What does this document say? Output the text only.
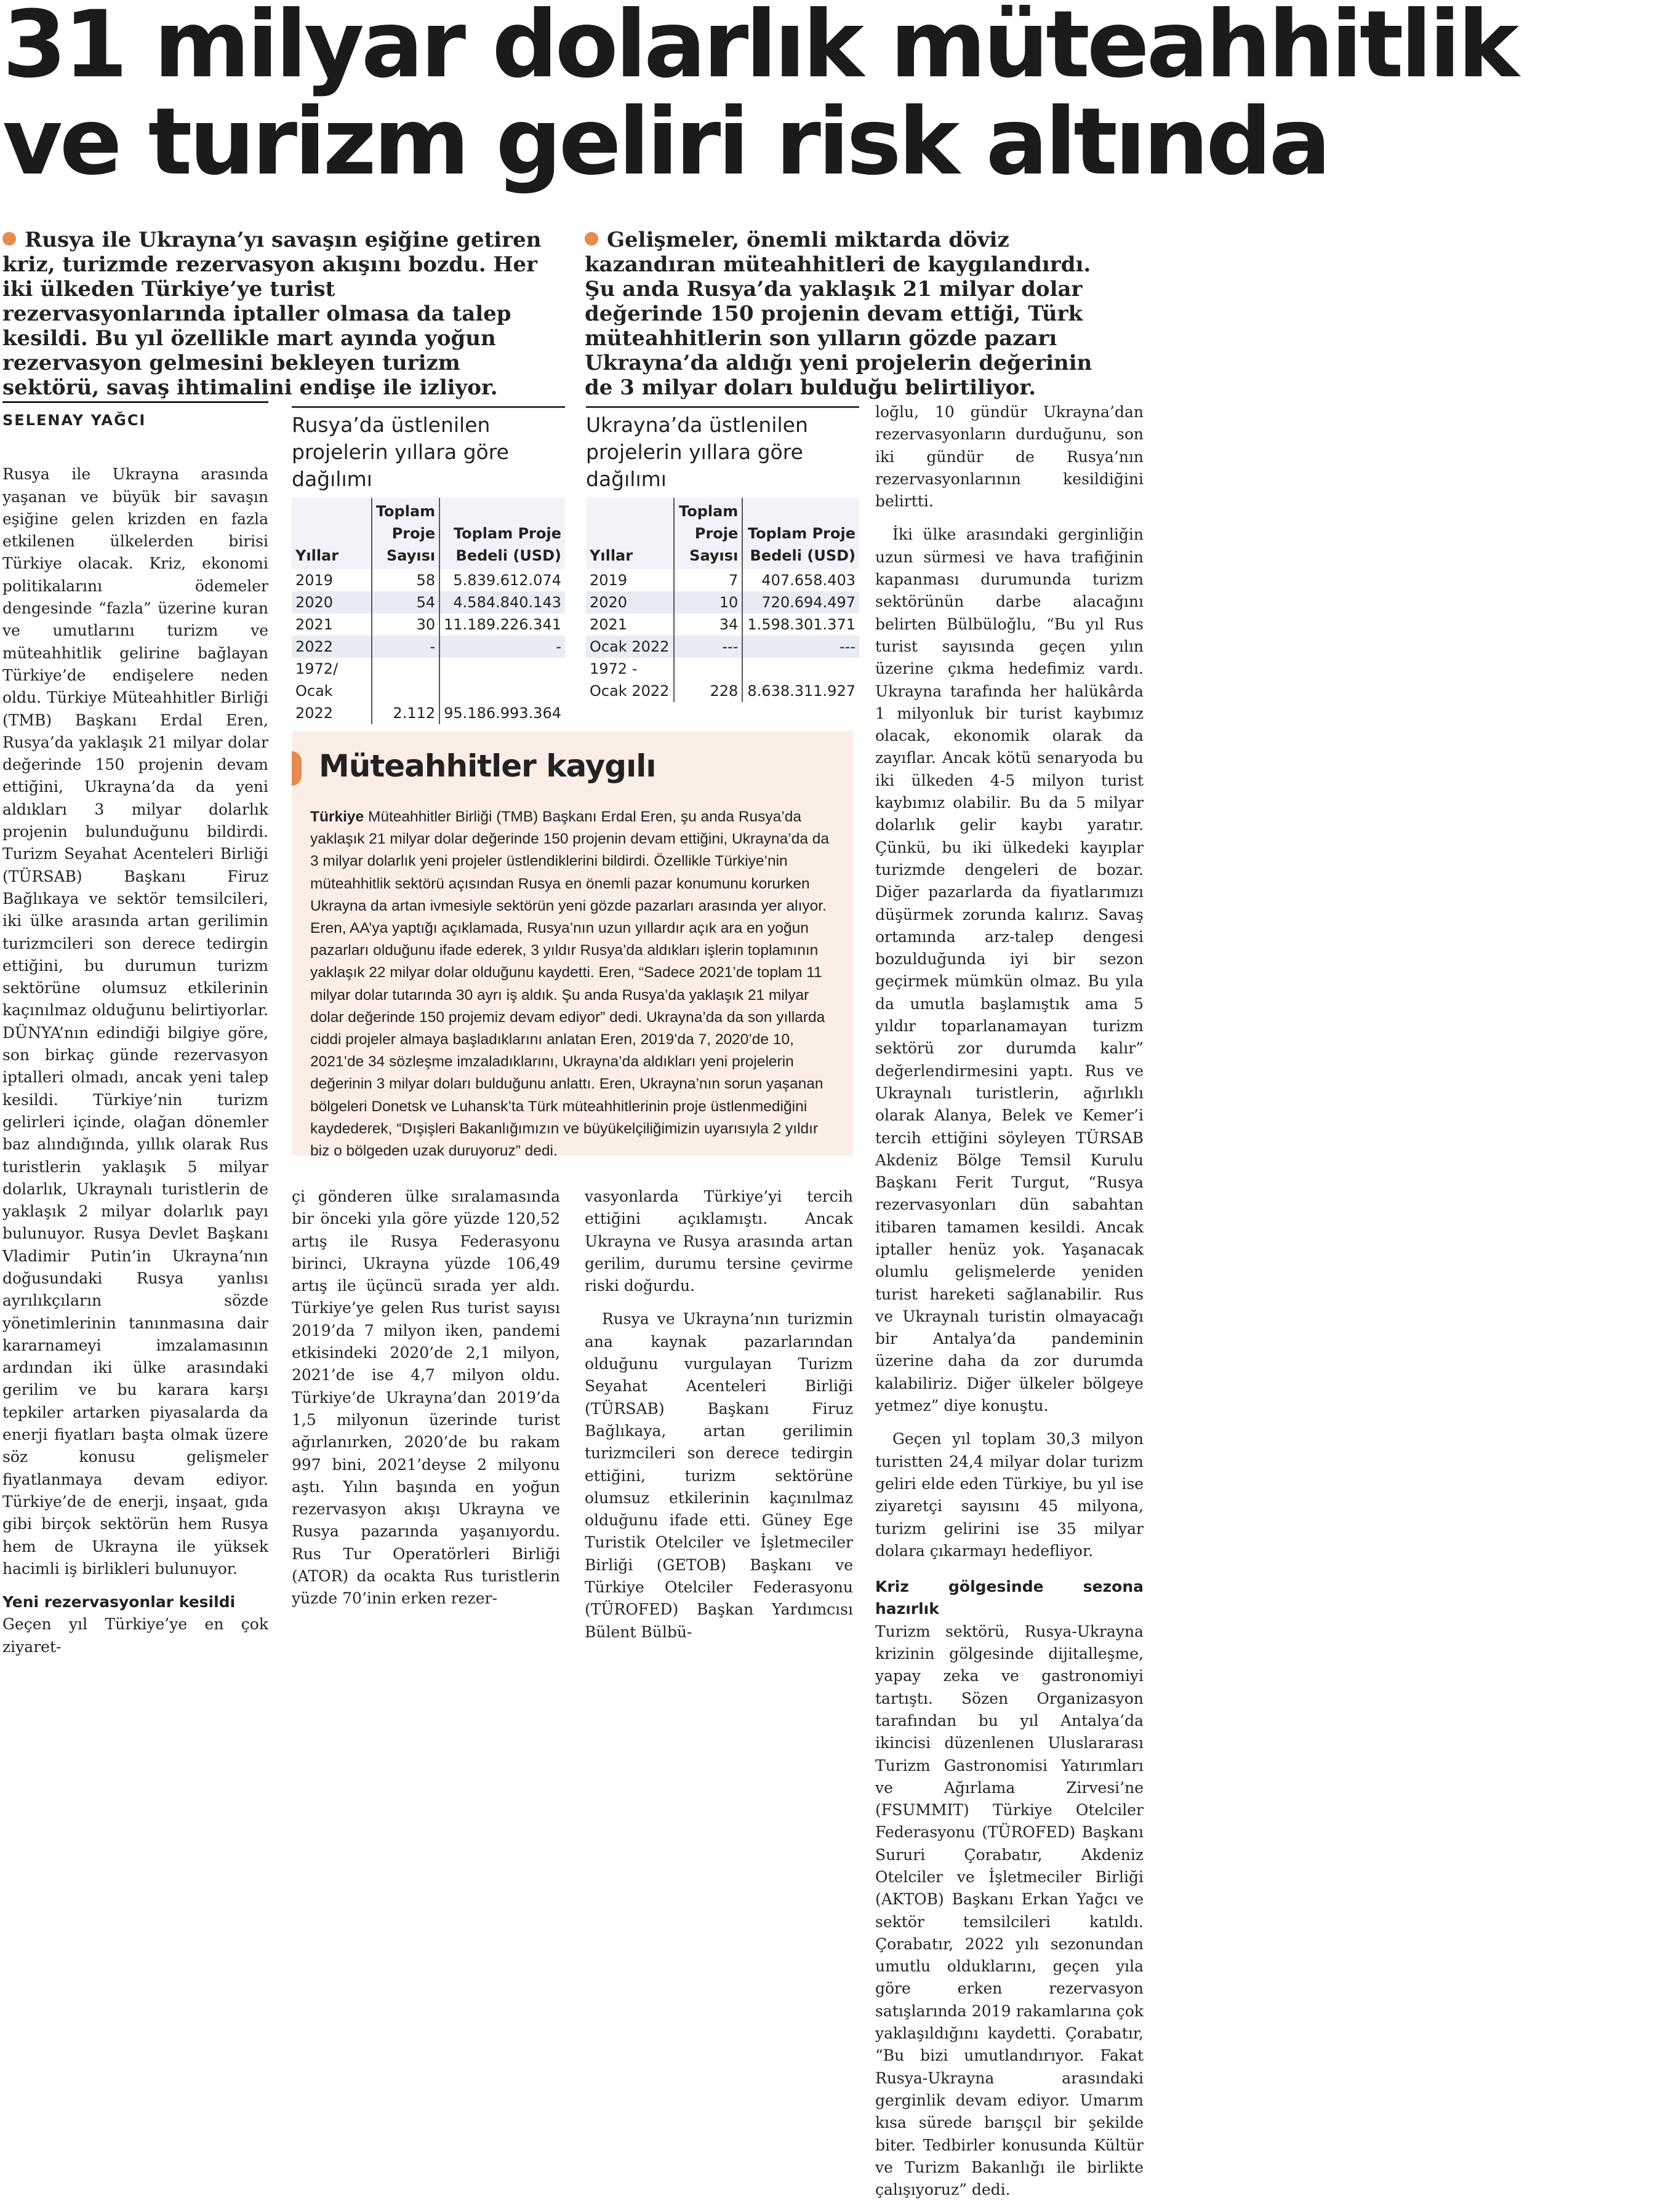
31 milyar dolarlık müteahhitlik ve turizm geliri risk altında
Rusya ile Ukrayna’yı savaşın eşiğine getiren kriz, turizmde rezervasyon akışını bozdu. Her iki ülkeden Türkiye’ye turist rezervasyonlarında iptaller olmasa da talep kesildi. Bu yıl özellikle mart ayında yoğun rezervasyon gelmesini bekleyen turizm sektörü, savaş ihtimalini endişe ile izliyor.
Gelişmeler, önemli miktarda döviz kazandıran müteahhitleri de kaygılandırdı. Şu anda Rusya’da yaklaşık 21 milyar dolar değerinde 150 projenin devam ettiği, Türk müteahhitlerin son yılların gözde pazarı Ukrayna’da aldığı yeni projelerin değerinin de 3 milyar doları bulduğu belirtiliyor.
SELENAY YAĞCI

Rusya ile Ukrayna arasında yaşanan ve büyük bir savaşın eşiğine gelen krizden en fazla etkilenen ülkelerden birisi Türkiye olacak. Kriz, ekonomi politikalarını ödemeler dengesinde “fazla” üzerine kuran ve umutlarını turizm ve müteahhitlik gelirine bağlayan Türkiye’de endişelere neden oldu. Türkiye Müteahhitler Birliği (TMB) Başkanı Erdal Eren, Rusya’da yaklaşık 21 milyar dolar değerinde 150 projenin devam ettiğini, Ukrayna’da da yeni aldıkları 3 milyar dolarlık projenin bulunduğunu bildirdi. Turizm Seyahat Acenteleri Birliği (TÜRSAB) Başkanı Firuz Bağlıkaya ve sektör temsilcileri, iki ülke arasında artan gerilimin turizmcileri son derece tedirgin ettiğini, bu durumun turizm sektörüne olumsuz etkilerinin kaçınılmaz olduğunu belirtiyorlar. DÜNYA’nın edindiği bilgiye göre, son birkaç günde rezervasyon iptalleri olmadı, ancak yeni talep kesildi. Türkiye’nin turizm gelirleri içinde, olağan dönemler baz alındığında, yıllık olarak Rus turistlerin yaklaşık 5 milyar dolarlık, Ukraynalı turistlerin de yaklaşık 2 milyar dolarlık payı bulunuyor. Rusya Devlet Başkanı Vladimir Putin’in Ukrayna’nın doğusundaki Rusya yanlısı ayrılıkçıların sözde yönetimlerinin tanınmasına dair kararnameyi imzalamasının ardından iki ülke arasındaki gerilim ve bu karara karşı tepkiler artarken piyasalarda da enerji fiyatları başta olmak üzere söz konusu gelişmeler fiyatlanmaya devam ediyor. Türkiye’de de enerji, inşaat, gıda gibi birçok sektörün hem Rusya hem de Ukrayna ile yüksek hacimli iş birlikleri bulunuyor.

Yeni rezervasyonlar kesildi

Geçen yıl Türkiye’ye en çok ziyaret-

Rusya’da üstlenilen projelerin yıllara göre dağılımı
Yıllar	Toplam Proje Sayısı	Toplam Proje Bedeli (USD)
2019	58	5.839.612.074
2020	54	4.584.840.143
2021	30	11.189.226.341
2022	-	-
1972/ Ocak 2022	2.112	95.186.993.364
Ukrayna’da üstlenilen projelerin yıllara göre dağılımı
Yıllar	Toplam Proje Sayısı	Toplam Proje Bedeli (USD)
2019	7	407.658.403
2020	10	720.694.497
2021	34	1.598.301.371
Ocak 2022	---	---
1972 - Ocak 2022	228	8.638.311.927
Müteahhitler kaygılı
Türkiye Müteahhitler Birliği (TMB) Başkanı Erdal Eren, şu anda Rusya’da yaklaşık 21 milyar dolar değerinde 150 projenin devam ettiğini, Ukrayna’da da 3 milyar dolarlık yeni projeler üstlendiklerini bildirdi. Özellikle Türkiye’nin müteahhitlik sektörü açısından Rusya en önemli pazar konumunu korurken Ukrayna da artan ivmesiyle sektörün yeni gözde pazarları arasında yer alıyor. Eren, AA’ya yaptığı açıklamada, Rusya’nın uzun yıllardır açık ara en yoğun pazarları olduğunu ifade ederek, 3 yıldır Rusya’da aldıkları işlerin toplamının yaklaşık 22 milyar dolar olduğunu kaydetti. Eren, “Sadece 2021’de toplam 11 milyar dolar tutarında 30 ayrı iş aldık. Şu anda Rusya’da yaklaşık 21 milyar dolar değerinde 150 projemiz devam ediyor” dedi. Ukrayna’da da son yıllarda ciddi projeler almaya başladıklarını anlatan Eren, 2019’da 7, 2020’de 10, 2021’de 34 sözleşme imzaladıklarını, Ukrayna’da aldıkları yeni projelerin değerinin 3 milyar doları bulduğunu anlattı. Eren, Ukrayna’nın sorun yaşanan bölgeleri Donetsk ve Luhansk’ta Türk müteahhitlerinin proje üstlenmediğini kaydederek, “Dışişleri Bakanlığımızın ve büyükelçiliğimizin uyarısıyla 2 yıldır biz o bölgeden uzak duruyoruz” dedi.

çi gönderen ülke sıralamasında bir önceki yıla göre yüzde 120,52 artış ile Rusya Federasyonu birinci, Ukrayna yüzde 106,49 artış ile üçüncü sırada yer aldı. Türkiye’ye gelen Rus turist sayısı 2019’da 7 milyon iken, pandemi etkisindeki 2020’de 2,1 milyon, 2021’de ise 4,7 milyon oldu. Türkiye’de Ukrayna’dan 2019’da 1,5 milyonun üzerinde turist ağırlanırken, 2020’de bu rakam 997 bini, 2021’deyse 2 milyonu aştı. Yılın başında en yoğun rezervasyon akışı Ukrayna ve Rusya pazarında yaşanıyordu. Rus Tur Operatörleri Birliği (ATOR) da ocakta Rus turistlerin yüzde 70’inin erken rezer-

vasyonlarda Türkiye’yi tercih ettiğini açıklamıştı. Ancak Ukrayna ve Rusya arasında artan gerilim, durumu tersine çevirme riski doğurdu.

Rusya ve Ukrayna’nın turizmin ana kaynak pazarlarından olduğunu vurgulayan Turizm Seyahat Acenteleri Birliği (TÜRSAB) Başkanı Firuz Bağlıkaya, artan gerilimin turizmcileri son derece tedirgin ettiğini, turizm sektörüne olumsuz etkilerinin kaçınılmaz olduğunu ifade etti. Güney Ege Turistik Otelciler ve İşletmeciler Birliği (GETOB) Başkanı ve Türkiye Otelciler Federasyonu (TÜROFED) Başkan Yardımcısı Bülent Bülbü-

loğlu, 10 gündür Ukrayna’dan rezervasyonların durduğunu, son iki gündür de Rusya’nın rezervasyonlarının kesildiğini belirtti.

İki ülke arasındaki gerginliğin uzun sürmesi ve hava trafiğinin kapanması durumunda turizm sektörünün darbe alacağını belirten Bülbüloğlu, “Bu yıl Rus turist sayısında geçen yılın üzerine çıkma hedefimiz vardı. Ukrayna tarafında her halükârda 1 milyonluk bir turist kaybımız olacak, ekonomik olarak da zayıflar. Ancak kötü senaryoda bu iki ülkeden 4-5 milyon turist kaybımız olabilir. Bu da 5 milyar dolarlık gelir kaybı yaratır. Çünkü, bu iki ülkedeki kayıplar turizmde dengeleri de bozar. Diğer pazarlarda da fiyatlarımızı düşürmek zorunda kalırız. Savaş ortamında arz-talep dengesi bozulduğunda iyi bir sezon geçirmek mümkün olmaz. Bu yıla da umutla başlamıştık ama 5 yıldır toparlanamayan turizm sektörü zor durumda kalır” değerlendirmesini yaptı. Rus ve Ukraynalı turistlerin, ağırlıklı olarak Alanya, Belek ve Kemer’i tercih ettiğini söyleyen TÜRSAB Akdeniz Bölge Temsil Kurulu Başkanı Ferit Turgut, “Rusya rezervasyonları dün sabahtan itibaren tamamen kesildi. Ancak iptaller henüz yok. Yaşanacak olumlu gelişmelerde yeniden turist hareketi sağlanabilir. Rus ve Ukraynalı turistin olmayacağı bir Antalya’da pandeminin üzerine daha da zor durumda kalabiliriz. Diğer ülkeler bölgeye yetmez” diye konuştu.

Geçen yıl toplam 30,3 milyon turistten 24,4 milyar dolar turizm geliri elde eden Türkiye, bu yıl ise ziyaretçi sayısını 45 milyona, turizm gelirini ise 35 milyar dolara çıkarmayı hedefliyor.

Kriz gölgesinde sezona hazırlık

Turizm sektörü, Rusya-Ukrayna krizinin gölgesinde dijitalleşme, yapay zeka ve gastronomiyi tartıştı. Sözen Organizasyon tarafından bu yıl Antalya’da ikincisi düzenlenen Uluslararası Turizm Gastronomisi Yatırımları ve Ağırlama Zirvesi’ne (FSUMMIT) Türkiye Otelciler Federasyonu (TÜROFED) Başkanı Sururi Çorabatır, Akdeniz Otelciler ve İşletmeciler Birliği (AKTOB) Başkanı Erkan Yağcı ve sektör temsilcileri katıldı. Çorabatır, 2022 yılı sezonundan umutlu olduklarını, geçen yıla göre erken rezervasyon satışlarında 2019 rakamlarına çok yaklaşıldığını kaydetti. Çorabatır, “Bu bizi umutlandırıyor. Fakat Rusya-Ukrayna arasındaki gerginlik devam ediyor. Umarım kısa sürede barışçıl bir şekilde biter. Tedbirler konusunda Kültür ve Turizm Bakanlığı ile birlikte çalışıyoruz” dedi.
